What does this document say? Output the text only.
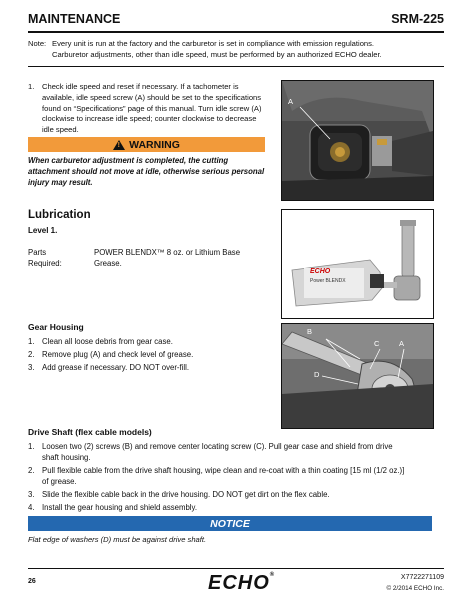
MAINTENANCE	SRM-225
Note: Every unit is run at the factory and the carburetor is set in compliance with emission regulations.
Carburetor adjustments, other than idle speed, must be performed by an authorized ECHO dealer.
1. Check idle speed and reset if necessary. If a tachometer is available, idle speed screw (A) should be set to the specifications found on “Specifications” page of this manual. Turn idle screw (A) clockwise to increase idle speed; counter clockwise to decrease idle speed.
! WARNING
When carburetor adjustment is completed, the cutting attachment should not move at idle, otherwise serious personal injury may result.
A
Lubrication
Level 1.
Parts
Required:
POWER BLENDX™ 8 oz. or Lithium Base
Grease.
ECHO
Power BLENDX
Gear Housing
1. Clean all loose debris from gear case.
2. Remove plug (A) and check level of grease.
3. Add grease if necessary. DO NOT over-fill.
B
C	A
D
Drive Shaft (flex cable models)
1. Loosen two (2) screws (B) and remove center locating screw (C). Pull gear case and shield from drive
shaft housing.
2. Pull flexible cable from the drive shaft housing, wipe clean and re-coat with a thin coating [15 ml (1/2 oz.)]
of grease.
3. Slide the flexible cable back in the drive housing. DO NOT get dirt on the flex cable.
4. Install the gear housing and shield assembly.
NOTICE
Flat edge of washers (D) must be against drive shaft.
26	ECHO®	X7722271109
© 2/2014 ECHO Inc.
